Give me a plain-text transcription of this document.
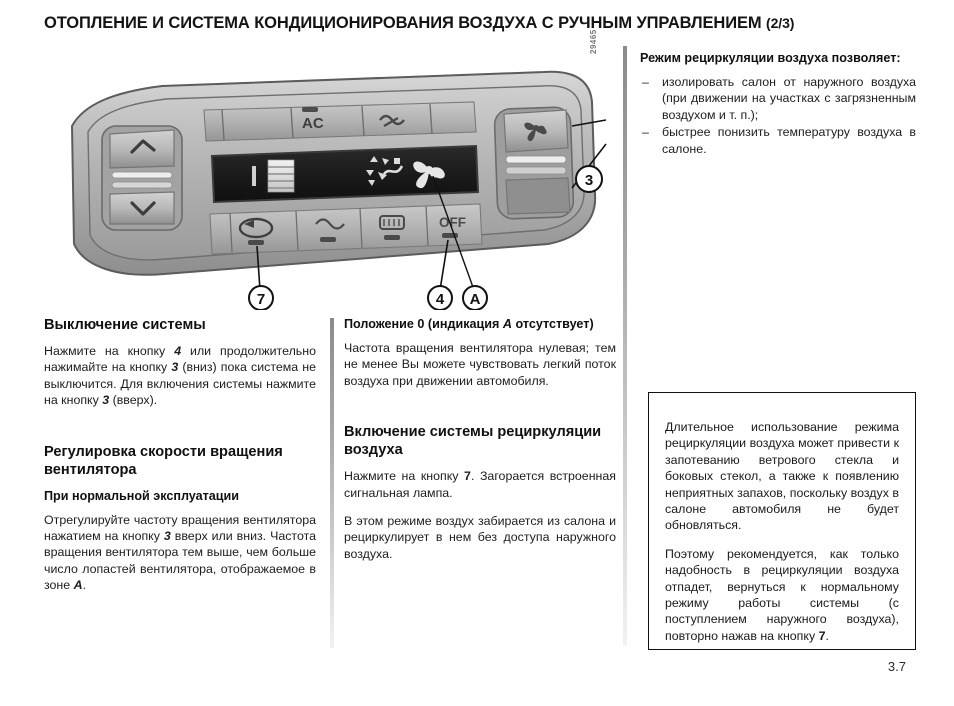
ОТОПЛЕНИЕ И СИСТЕМА КОНДИЦИОНИРОВАНИЯ ВОЗДУХА С РУЧНЫМ УПРАВЛЕНИЕМ (2/3)
29465
AC
OFF
3
7	4 A
Выключение системы

Нажмите на кнопку 4 или продолжительно нажимайте на кнопку 3 (вниз) пока система не выключится. Для включения системы нажмите на кнопку 3 (вверх).

Регулировка скорости вращения вентилятора
При нормальной эксплуатации

Отрегулируйте частоту вращения вентилятора нажатием на кнопку 3 вверх или вниз. Частота вращения вентилятора тем выше, чем больше число лопастей вентилятора, отображаемое в зоне A.

Положение 0 (индикация A отсутствует)

Частота вращения вентилятора нулевая; тем не менее Вы можете чувствовать легкий поток воздуха при движении автомобиля.

Включение системы рециркуляции воздуха

Нажмите на кнопку 7. Загорается встроенная сигнальная лампа.

В этом режиме воздух забирается из салона и рециркулирует в нем без доступа наружного воздуха.

Режим рециркуляции воздуха позволяет:
– изолировать салон от наружного воздуха (при движении на участках с загрязненным воздухом и т. п.);
– быстрее понизить температуру воздуха в салоне.

Длительное использование режима рециркуляции воздуха может привести к запотеванию ветрового стекла и боковых стекол, а также к появлению неприятных запахов, поскольку воздух в салоне автомобиля не будет обновляться.

Поэтому рекомендуется, как только надобность в рециркуляции воздуха отпадет, вернуться к нормальному режиму работы системы (с поступлением наружного воздуха), повторно нажав на кнопку 7.

3.7
